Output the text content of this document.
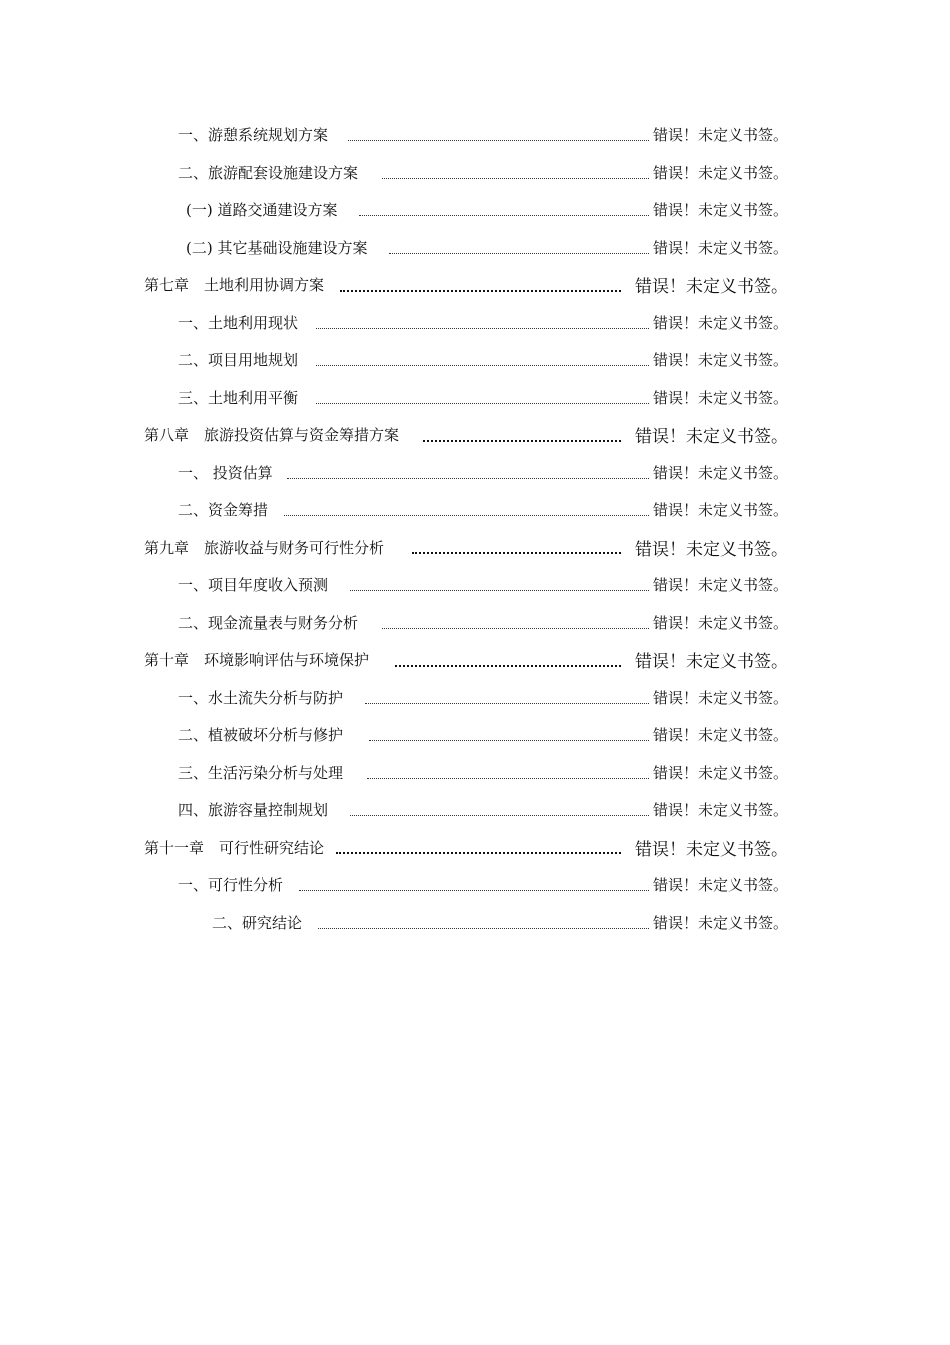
一、游憩系统规划方案	错误！未定义书签。
二、旅游配套设施建设方案	错误！未定义书签。
(一) 道路交通建设方案	错误！未定义书签。
(二) 其它基础设施建设方案	错误！未定义书签。
第七章　土地利用协调方案	错误！未定义书签。
一、土地利用现状	错误！未定义书签。
二、项目用地规划	错误！未定义书签。
三、土地利用平衡	错误！未定义书签。
第八章　旅游投资估算与资金筹措方案	错误！未定义书签。
一、 投资估算	错误！未定义书签。
二、资金筹措	错误！未定义书签。
第九章　旅游收益与财务可行性分析	错误！未定义书签。
一、项目年度收入预测	错误！未定义书签。
二、现金流量表与财务分析	错误！未定义书签。
第十章　环境影响评估与环境保护	错误！未定义书签。
一、水土流失分析与防护	错误！未定义书签。
二、植被破坏分析与修护	错误！未定义书签。
三、生活污染分析与处理	错误！未定义书签。
四、旅游容量控制规划	错误！未定义书签。
第十一章　可行性研究结论	错误！未定义书签。
一、可行性分析	错误！未定义书签。
二、研究结论	错误！未定义书签。
